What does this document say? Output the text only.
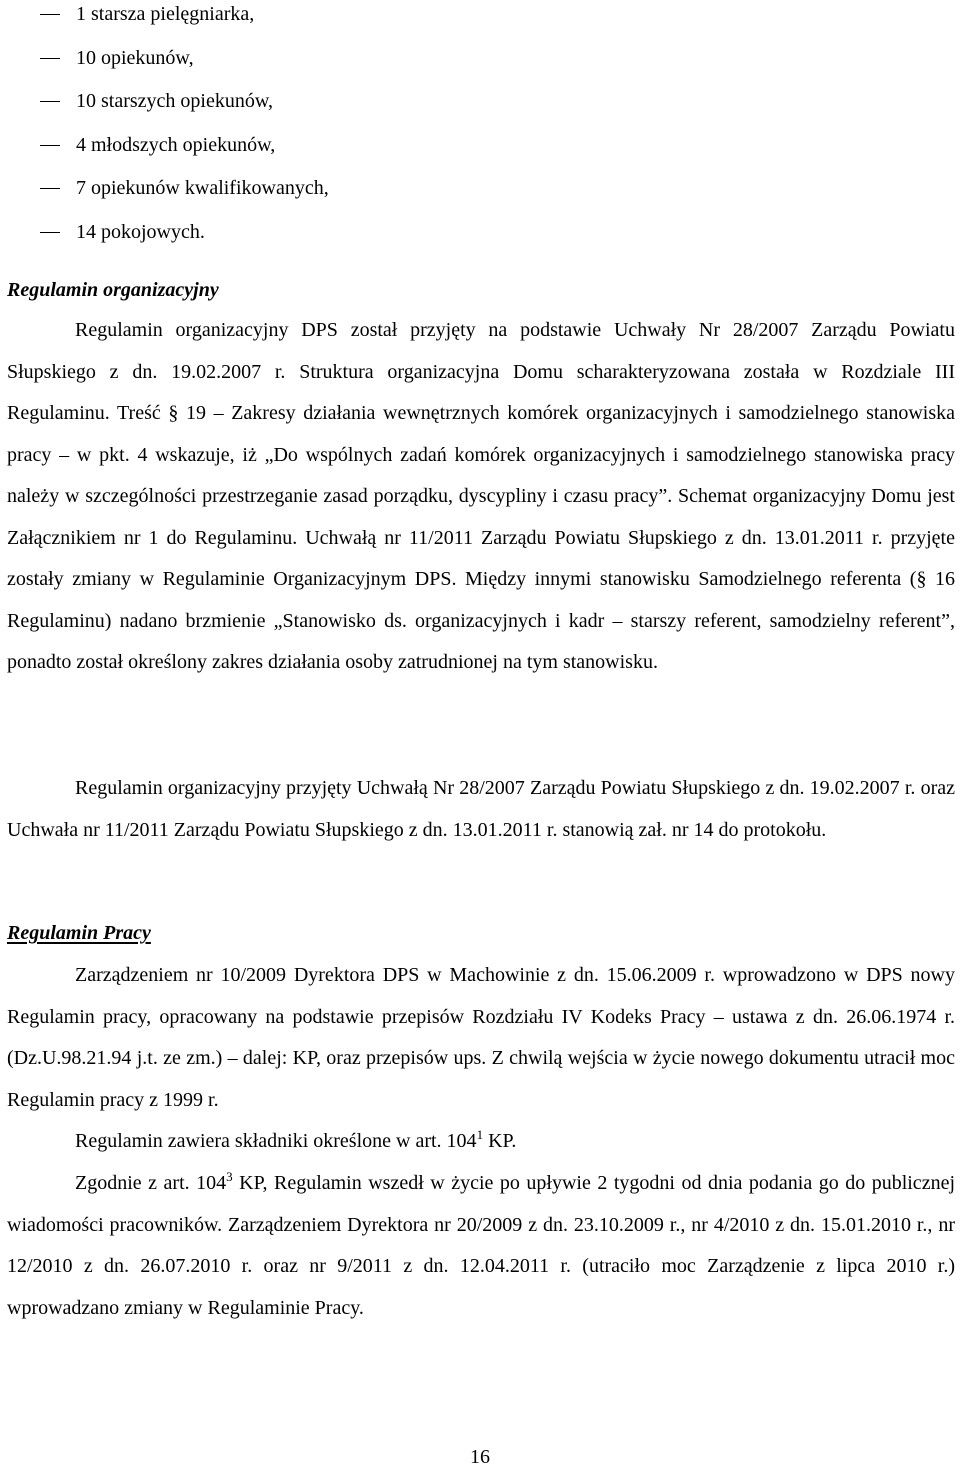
1 starsza pielęgniarka,
10 opiekunów,
10 starszych opiekunów,
4 młodszych opiekunów,
7 opiekunów kwalifikowanych,
14 pokojowych.
Regulamin organizacyjny

Regulamin organizacyjny DPS został przyjęty na podstawie Uchwały Nr 28/2007 Zarządu Powiatu Słupskiego z dn. 19.02.2007 r. Struktura organizacyjna Domu scharakteryzowana została w Rozdziale III Regulaminu. Treść § 19 – Zakresy działania wewnętrznych komórek organizacyjnych i samodzielnego stanowiska pracy – w pkt. 4 wskazuje, iż „Do wspólnych zadań komórek organizacyjnych i samodzielnego stanowiska pracy należy w szczególności przestrzeganie zasad porządku, dyscypliny i czasu pracy”. Schemat organizacyjny Domu jest Załącznikiem nr 1 do Regulaminu. Uchwałą nr 11/2011 Zarządu Powiatu Słupskiego z dn. 13.01.2011 r. przyjęte zostały zmiany w Regulaminie Organizacyjnym DPS. Między innymi stanowisku Samodzielnego referenta (§ 16 Regulaminu) nadano brzmienie „Stanowisko ds. organizacyjnych i kadr – starszy referent, samodzielny referent”, ponadto został określony zakres działania osoby zatrudnionej na tym stanowisku.

Regulamin organizacyjny przyjęty Uchwałą Nr 28/2007 Zarządu Powiatu Słupskiego z dn. 19.02.2007 r. oraz Uchwała nr 11/2011 Zarządu Powiatu Słupskiego z dn. 13.01.2011 r. stanowią zał. nr 14 do protokołu.

Regulamin Pracy

Zarządzeniem nr 10/2009 Dyrektora DPS w Machowinie z dn. 15.06.2009 r. wprowadzono w DPS nowy Regulamin pracy, opracowany na podstawie przepisów Rozdziału IV Kodeks Pracy – ustawa z dn. 26.06.1974 r. (Dz.U.98.21.94 j.t. ze zm.) – dalej: KP, oraz przepisów ups. Z chwilą wejścia w życie nowego dokumentu utracił moc Regulamin pracy z 1999 r.

Regulamin zawiera składniki określone w art. $104^1$ KP.

Zgodnie z art. $104^3$ KP, Regulamin wszedł w życie po upływie 2 tygodni od dnia podania go do publicznej wiadomości pracowników. Zarządzeniem Dyrektora nr 20/2009 z dn. 23.10.2009 r., nr 4/2010 z dn. 15.01.2010 r., nr 12/2010 z dn. 26.07.2010 r. oraz nr 9/2011 z dn. 12.04.2011 r. (utraciło moc Zarządzenie z lipca 2010 r.) wprowadzano zmiany w Regulaminie Pracy.

16
